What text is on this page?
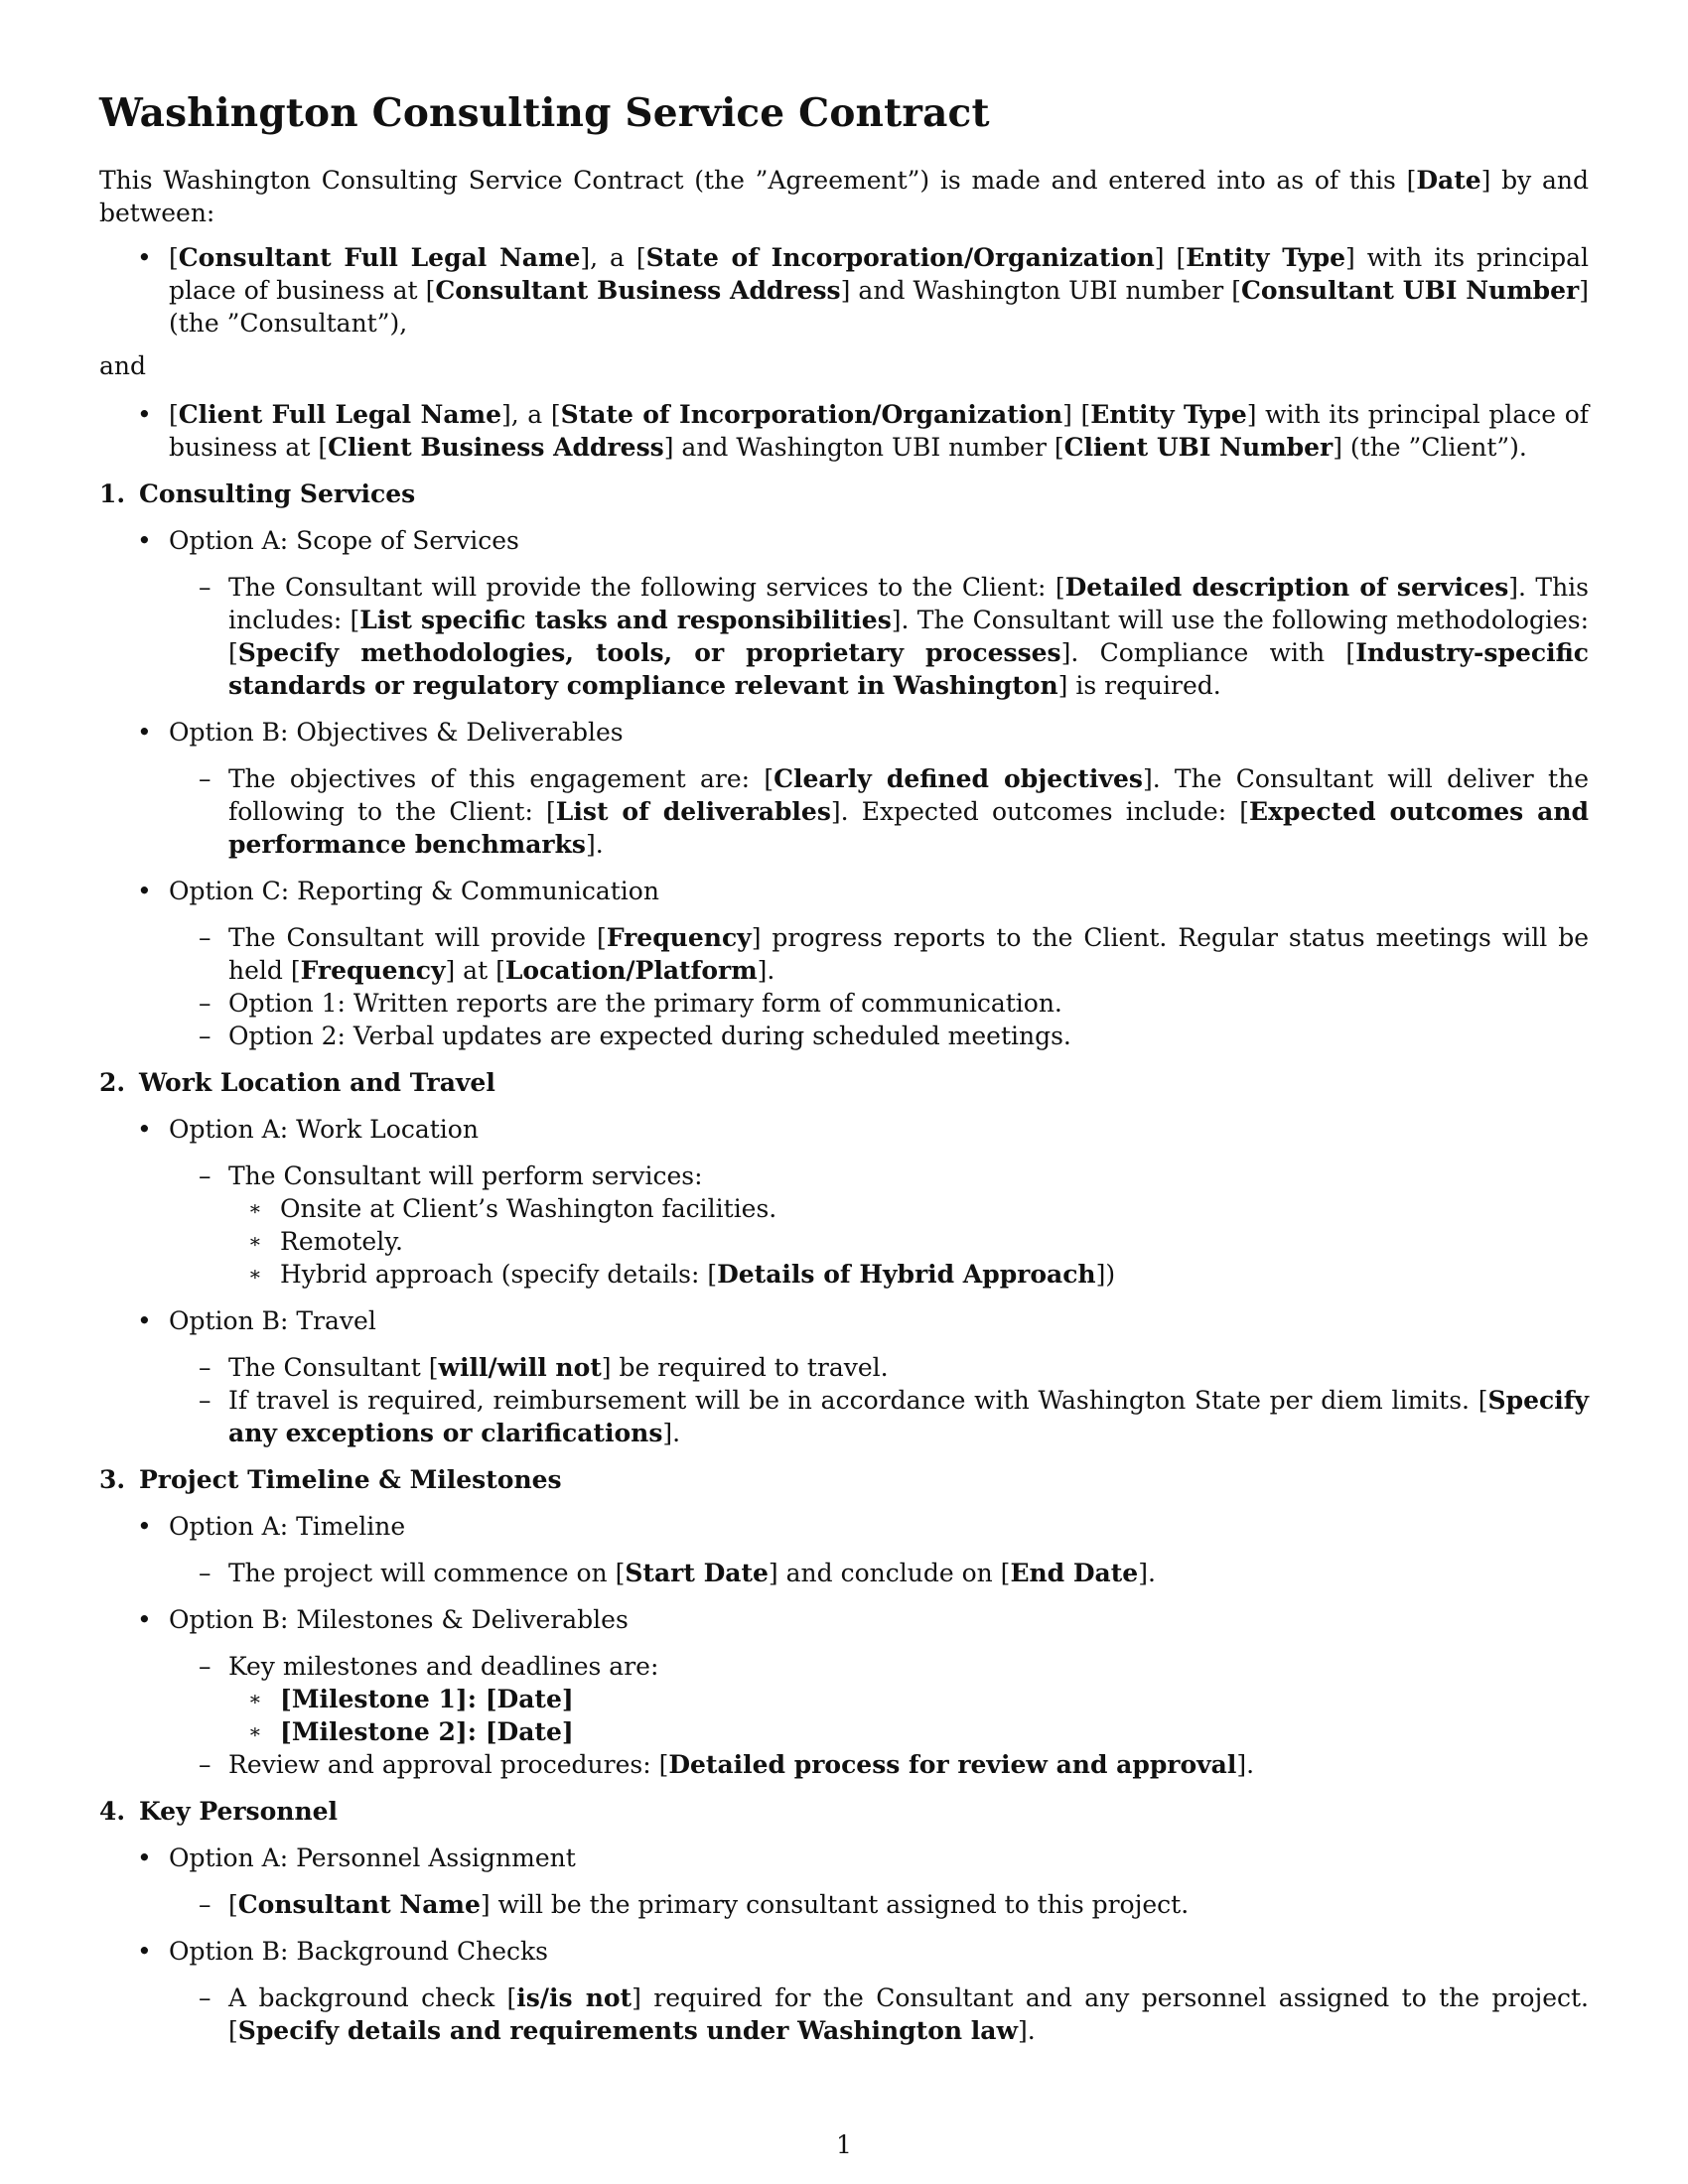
Washington Consulting Service Contract

This Washington Consulting Service Contract (the ”Agreement”) is made and entered into as of this [Date] by and between:

• [Consultant Full Legal Name], a [State of Incorporation/Organization] [Entity Type] with its principal place of business at [Consultant Business Address] and Washington UBI number [Consultant UBI Number] (the ”Consultant”),

and

• [Client Full Legal Name], a [State of Incorporation/Organization] [Entity Type] with its principal place of business at [Client Business Address] and Washington UBI number [Client UBI Number] (the ”Client”).
1. Consulting Services
• Option A: Scope of Services
– The Consultant will provide the following services to the Client: [Detailed description of services]. This includes: [List specific tasks and responsibilities]. The Consultant will use the following methodologies: [Specify methodologies, tools, or proprietary processes]. Compliance with [Industry-specific standards or regulatory compliance relevant in Washington] is required.
• Option B: Objectives & Deliverables
– The objectives of this engagement are: [Clearly defined objectives]. The Consultant will deliver the following to the Client: [List of deliverables]. Expected outcomes include: [Expected outcomes and performance benchmarks].
• Option C: Reporting & Communication
– The Consultant will provide [Frequency] progress reports to the Client. Regular status meetings will be held [Frequency] at [Location/Platform].
– Option 1: Written reports are the primary form of communication.
– Option 2: Verbal updates are expected during scheduled meetings.
2. Work Location and Travel
• Option A: Work Location
– The Consultant will perform services:
∗ Onsite at Client’s Washington facilities.
∗ Remotely.
∗ Hybrid approach (specify details: [Details of Hybrid Approach])
• Option B: Travel
– The Consultant [will/will not] be required to travel.
– If travel is required, reimbursement will be in accordance with Washington State per diem limits. [Specify any exceptions or clarifications].
3. Project Timeline & Milestones
• Option A: Timeline
– The project will commence on [Start Date] and conclude on [End Date].
• Option B: Milestones & Deliverables
– Key milestones and deadlines are:
∗ [Milestone 1]: [Date]
∗ [Milestone 2]: [Date]
– Review and approval procedures: [Detailed process for review and approval].
4. Key Personnel
• Option A: Personnel Assignment
– [Consultant Name] will be the primary consultant assigned to this project.
• Option B: Background Checks
– A background check [is/is not] required for the Consultant and any personnel assigned to the project. [Specify details and requirements under Washington law].
1
